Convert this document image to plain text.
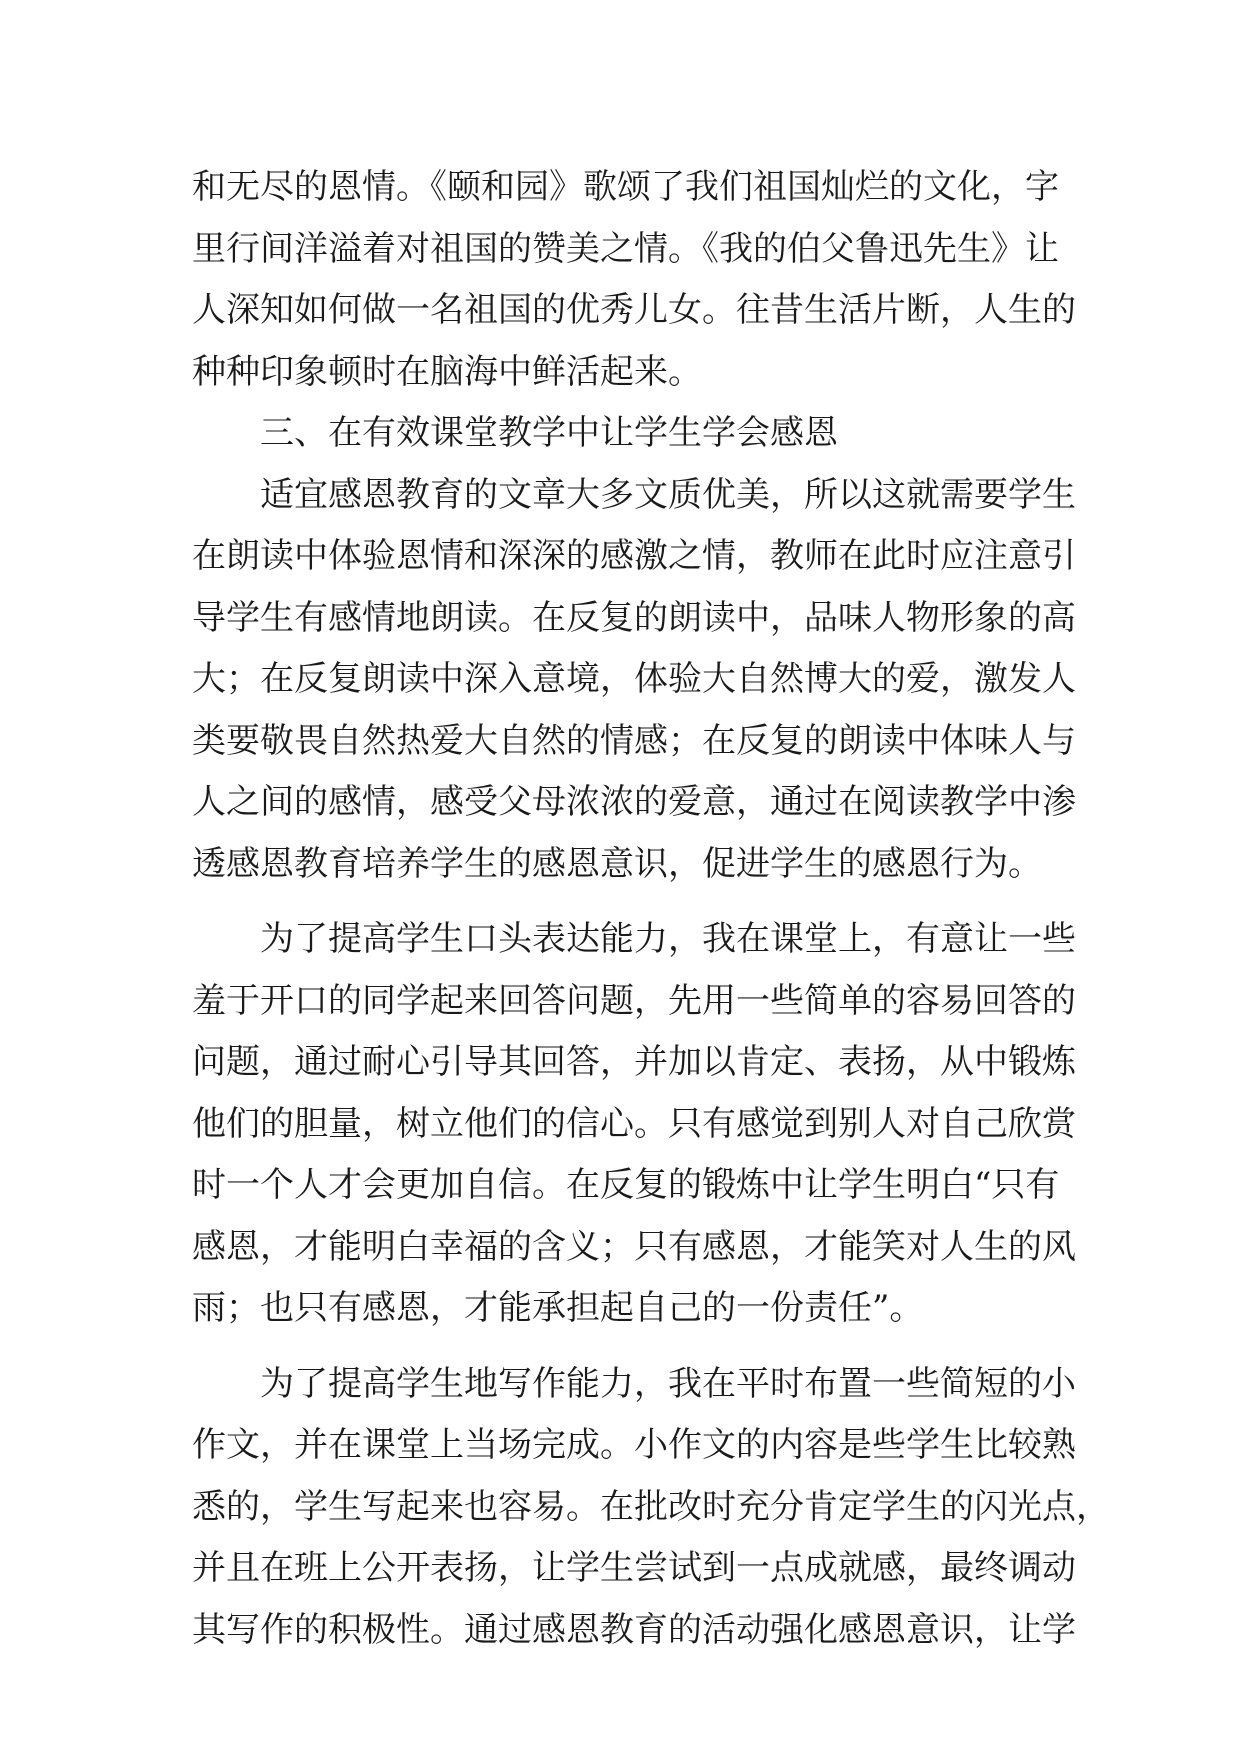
和无尽的恩情。《颐和园》歌颂了我们祖国灿烂的文化，字
里行间洋溢着对祖国的赞美之情。《我的伯父鲁迅先生》让
人深知如何做一名祖国的优秀儿女。往昔生活片断，人生的
种种印象顿时在脑海中鲜活起来。
三、在有效课堂教学中让学生学会感恩
适宜感恩教育的文章大多文质优美，所以这就需要学生
在朗读中体验恩情和深深的感激之情，教师在此时应注意引
导学生有感情地朗读。在反复的朗读中，品味人物形象的高
大；在反复朗读中深入意境，体验大自然博大的爱，激发人
类要敬畏自然热爱大自然的情感；在反复的朗读中体味人与
人之间的感情，感受父母浓浓的爱意，通过在阅读教学中渗
透感恩教育培养学生的感恩意识，促进学生的感恩行为。
为了提高学生口头表达能力，我在课堂上，有意让一些
羞于开口的同学起来回答问题，先用一些简单的容易回答的
问题，通过耐心引导其回答，并加以肯定、表扬，从中锻炼
他们的胆量，树立他们的信心。只有感觉到别人对自己欣赏
时一个人才会更加自信。在反复的锻炼中让学生明白“只有
感恩，才能明白幸福的含义；只有感恩，才能笑对人生的风
雨；也只有感恩，才能承担起自己的一份责任”。
为了提高学生地写作能力，我在平时布置一些简短的小
作文，并在课堂上当场完成。小作文的内容是些学生比较熟
悉的，学生写起来也容易。在批改时充分肯定学生的闪光点，
并且在班上公开表扬，让学生尝试到一点成就感，最终调动
其写作的积极性。通过感恩教育的活动强化感恩意识，让学
